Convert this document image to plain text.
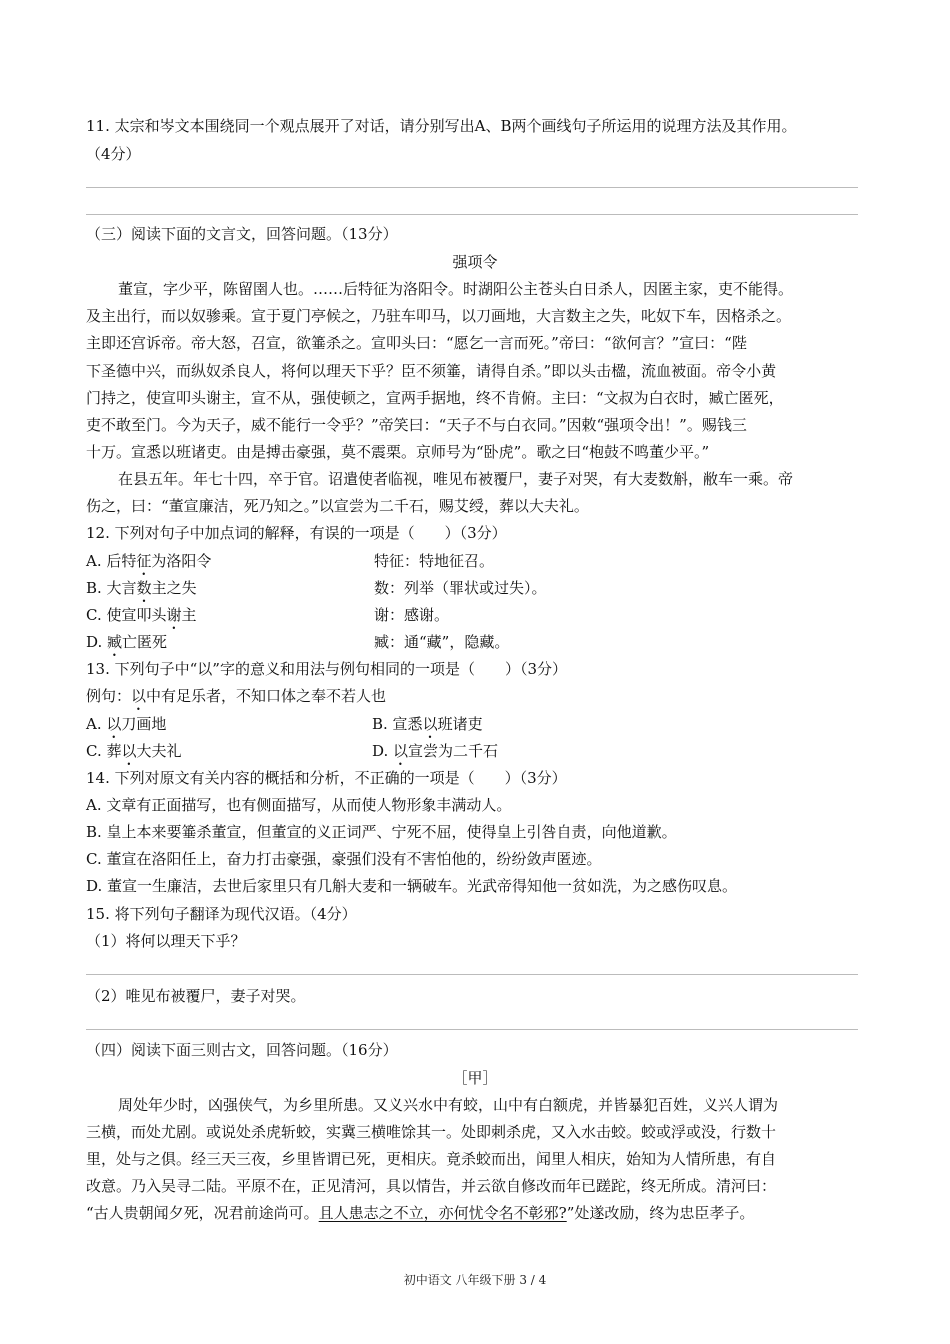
11. 太宗和岑文本围绕同一个观点展开了对话，请分别写出A、B两个画线句子所运用的说理方法及其作用。
（4分）
（三）阅读下面的文言文，回答问题。（13分）
强项令
董宣，字少平，陈留圉人也。……后特征为洛阳令。时湖阳公主苍头白日杀人，因匿主家，吏不能得。
及主出行，而以奴骖乘。宣于夏门亭候之，乃驻车叩马，以刀画地，大言数主之失，叱奴下车，因格杀之。
主即还宫诉帝。帝大怒，召宣，欲箠杀之。宣叩头曰：“愿乞一言而死。”帝曰：“欲何言？”宣曰：“陛
下圣德中兴，而纵奴杀良人，将何以理天下乎？臣不须箠，请得自杀。”即以头击楹，流血被面。帝令小黄
门持之，使宣叩头谢主，宣不从，强使顿之，宣两手据地，终不肯俯。主曰：“文叔为白衣时，臧亡匿死，
吏不敢至门。今为天子，威不能行一令乎？”帝笑曰：“天子不与白衣同。”因敕“强项令出！”。赐钱三
十万。宣悉以班诸吏。由是搏击豪强，莫不震栗。京师号为“卧虎”。歌之曰“枹鼓不鸣董少平。”
在县五年。年七十四，卒于官。诏遣使者临视，唯见布被覆尸，妻子对哭，有大麦数斛，敝车一乘。帝
伤之，曰：“董宣廉洁，死乃知之。”以宣尝为二千石，赐艾绶，葬以大夫礼。
12. 下列对句子中加点词的解释，有误的一项是（　　）（3分）
A. 后特征为洛阳令	特征：特地征召。
B. 大言数主之失	数：列举（罪状或过失）。
C. 使宣叩头谢主	谢：感谢。
D. 臧亡匿死	臧：通“藏”，隐藏。
13. 下列句子中“以”字的意义和用法与例句相同的一项是（　　）（3分）
例句：以中有足乐者，不知口体之奉不若人也
A. 以刀画地	B. 宣悉以班诸吏
C. 葬以大夫礼	D. 以宣尝为二千石
14. 下列对原文有关内容的概括和分析，不正确的一项是（　　）（3分）
A. 文章有正面描写，也有侧面描写，从而使人物形象丰满动人。
B. 皇上本来要箠杀董宣，但董宣的义正词严、宁死不屈，使得皇上引咎自责，向他道歉。
C. 董宣在洛阳任上，奋力打击豪强，豪强们没有不害怕他的，纷纷敛声匿迹。
D. 董宣一生廉洁，去世后家里只有几斛大麦和一辆破车。光武帝得知他一贫如洗，为之感伤叹息。
15. 将下列句子翻译为现代汉语。（4分）
（1）将何以理天下乎？
（2）唯见布被覆尸，妻子对哭。
（四）阅读下面三则古文，回答问题。（16分）
［甲］
周处年少时，凶强侠气，为乡里所患。又义兴水中有蛟，山中有白额虎，并皆暴犯百姓，义兴人谓为
三横，而处尤剧。或说处杀虎斩蛟，实冀三横唯馀其一。处即刺杀虎，又入水击蛟。蛟或浮或没，行数十
里，处与之俱。经三天三夜，乡里皆谓已死，更相庆。竟杀蛟而出，闻里人相庆，始知为人情所患，有自
改意。乃入吴寻二陆。平原不在，正见清河，具以情告，并云欲自修改而年已蹉跎，终无所成。清河曰：
“古人贵朝闻夕死，况君前途尚可。且人患志之不立，亦何忧令名不彰邪?”处遂改励，终为忠臣孝子。
初中语文 八年级下册 3 / 4
